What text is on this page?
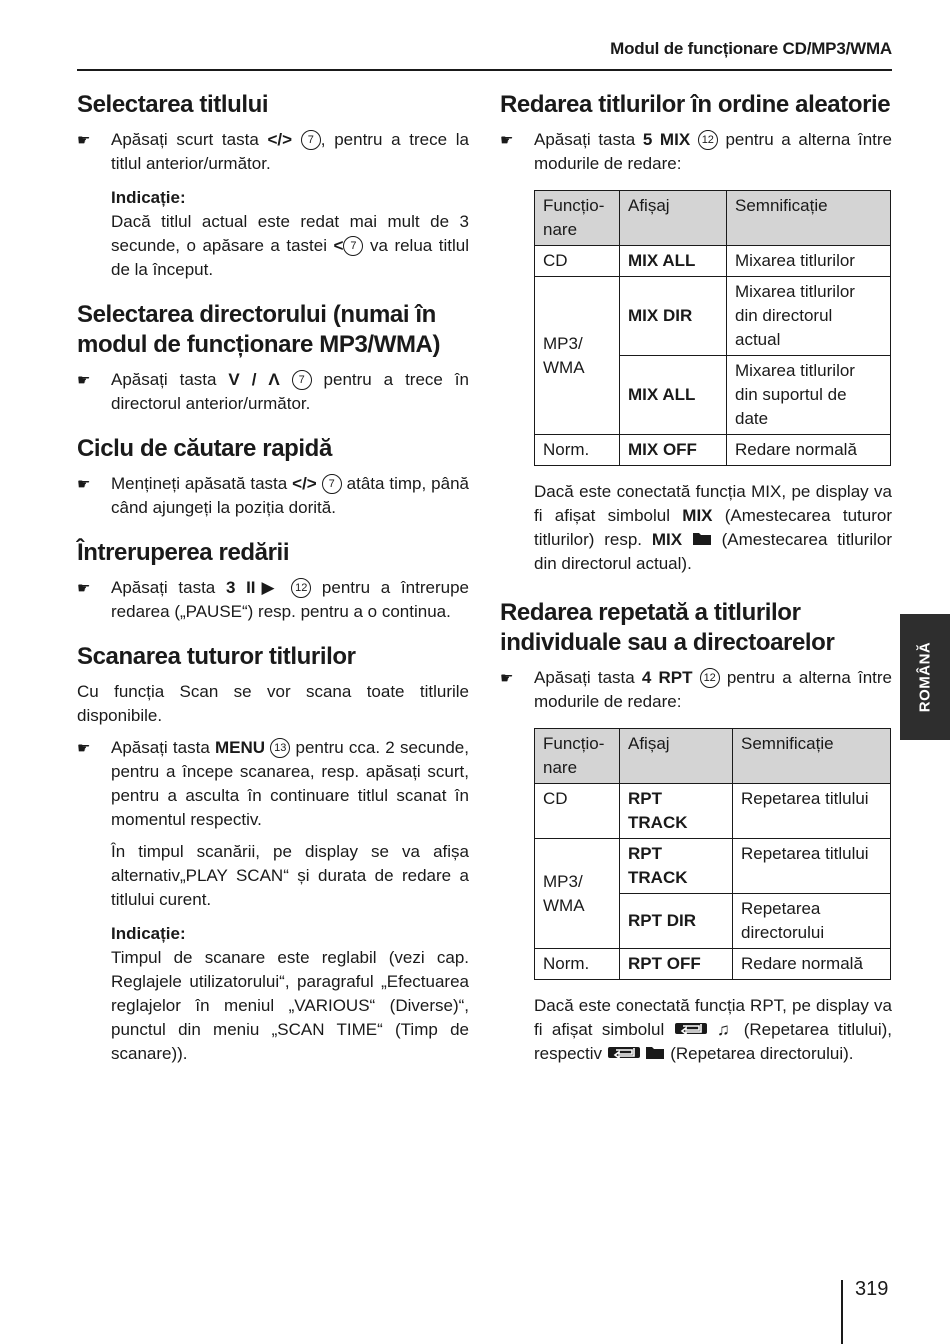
Modul de funcționare CD/MP3/WMA
Selectarea titlului
☛	Apăsați scurt tasta </> 7 , pentru a trece la titlul anterior/următor.
Indicație:
Dacă titlul actual este redat mai mult de 3 secunde, o apăsare a tastei < 7 va relua titlul de la început.
Selectarea directorului (numai în modul de funcționare MP3/WMA)
☛	Apăsați tasta V / Λ 7 pentru a trece în directorul anterior/următor.
Ciclu de căutare rapidă
☛	Mențineți apăsată tasta </> 7 atâta timp, până când ajungeți la poziția dorită.
Întreruperea redării
☛	Apăsați tasta 3 II▶ 12 pentru a întrerupe redarea („PAUSE“) resp. pentru a o continua.
Scanarea tuturor titlurilor
Cu funcția Scan se vor scana toate titlurile disponibile.
☛	Apăsați tasta MENU 13 pentru cca. 2 secunde, pentru a începe scanarea, resp. apăsați scurt, pentru a asculta în continuare titlul scanat în momentul respectiv.
În timpul scanării, pe display se va afișa alternativ„PLAY SCAN“ și durata de redare a titlului curent.
Indicație:
Timpul de scanare este reglabil (vezi cap. Reglajele utilizatorului“, paragraful „Efectuarea reglajelor în meniul „VARIOUS“ (Diverse)“, punctul din meniu „SCAN TIME“ (Timp de scanare)).
Redarea titlurilor în ordine aleatorie
☛	Apăsați tasta 5 MIX 12 pentru a alterna între modurile de redare:
Funcționare	Afișaj	Semnificație
CD	MIX ALL	Mixarea titlurilor
MP3/ WMA	MIX DIR	Mixarea titlurilor din directorul actual
	MIX ALL	Mixarea titlurilor din suportul de date
Norm.	MIX OFF	Redare normală
Dacă este conectată funcția MIX, pe display va fi afișat simbolul MIX (Amestecarea tuturor titlurilor) resp. MIX  (Amestecarea titlurilor din directorul actual).
Redarea repetată a titlurilor individuale sau a directoarelor
☛	Apăsați tasta 4 RPT 12 pentru a alterna între modurile de redare:
Funcționare	Afișaj	Semnificație
CD	RPT TRACK	Repetarea titlului
MP3/ WMA	RPT TRACK	Repetarea titlului
	RPT DIR	Repetarea directorului
Norm.	RPT OFF	Redare normală
Dacă este conectată funcția RPT, pe display va fi afișat simbolul	♫ (Repetarea titlului), respectiv	(Repetarea directorului).
ROMÂNĂ
319
